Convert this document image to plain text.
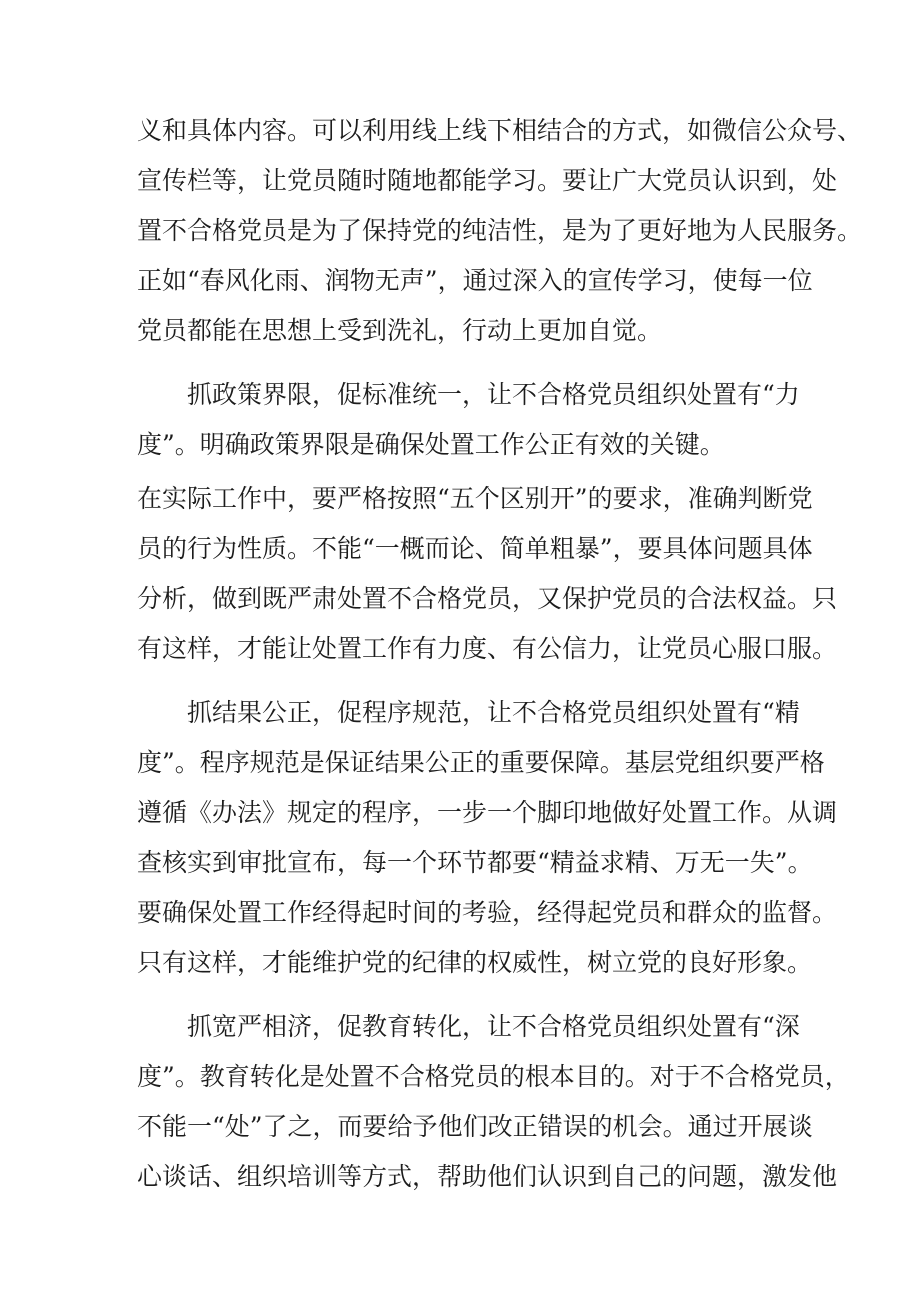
义和具体内容。可以利用线上线下相结合的方式，如微信公众号、
宣传栏等，让党员随时随地都能学习。要让广大党员认识到，处
置不合格党员是为了保持党的纯洁性，是为了更好地为人民服务。
正如“春风化雨、润物无声”，通过深入的宣传学习，使每一位
党员都能在思想上受到洗礼，行动上更加自觉。
抓政策界限，促标准统一，让不合格党员组织处置有“力
度”。明确政策界限是确保处置工作公正有效的关键。
在实际工作中，要严格按照“五个区别开”的要求，准确判断党
员的行为性质。不能“一概而论、简单粗暴”，要具体问题具体
分析，做到既严肃处置不合格党员，又保护党员的合法权益。只
有这样，才能让处置工作有力度、有公信力，让党员心服口服。
抓结果公正，促程序规范，让不合格党员组织处置有“精
度”。程序规范是保证结果公正的重要保障。基层党组织要严格
遵循《办法》规定的程序，一步一个脚印地做好处置工作。从调
查核实到审批宣布，每一个环节都要“精益求精、万无一失”。
要确保处置工作经得起时间的考验，经得起党员和群众的监督。
只有这样，才能维护党的纪律的权威性，树立党的良好形象。
抓宽严相济，促教育转化，让不合格党员组织处置有“深
度”。教育转化是处置不合格党员的根本目的。对于不合格党员，
不能一“处”了之，而要给予他们改正错误的机会。通过开展谈
心谈话、组织培训等方式，帮助他们认识到自己的问题，激发他
